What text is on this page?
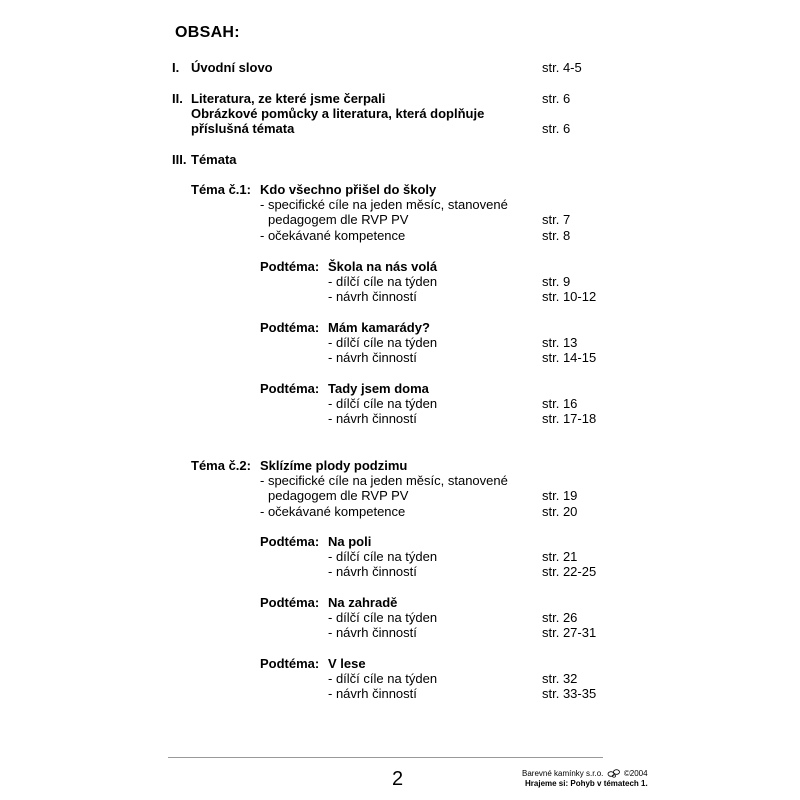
OBSAH:
I. Úvodní slovo	str. 4-5
II. Literatura, ze které jsme čerpali	str. 6
Obrázkové pomůcky a literatura, která doplňuje
příslušná témata	str. 6
III. Témata
Téma č.1: Kdo všechno přišel do školy
- specifické cíle na jeden měsíc, stanovené
pedagogem dle RVP PV	str. 7
- očekávané kompetence	str. 8
Podtéma: Škola na nás volá
- dílčí cíle na týden	str. 9
- návrh činností	str. 10-12
Podtéma: Mám kamarády?
- dílčí cíle na týden	str. 13
- návrh činností	str. 14-15
Podtéma: Tady jsem doma
- dílčí cíle na týden	str. 16
- návrh činností	str. 17-18
Téma č.2: Sklízíme plody podzimu
- specifické cíle na jeden měsíc, stanovené
pedagogem dle RVP PV	str. 19
- očekávané kompetence	str. 20
Podtéma: Na poli
- dílčí cíle na týden	str. 21
- návrh činností	str. 22-25
Podtéma: Na zahradě
- dílčí cíle na týden	str. 26
- návrh činností	str. 27-31
Podtéma: V lese
- dílčí cíle na týden	str. 32
- návrh činností	str. 33-35
2	Barevné kamínky s.r.o.	©2004
Hrajeme si: Pohyb v tématech 1.
